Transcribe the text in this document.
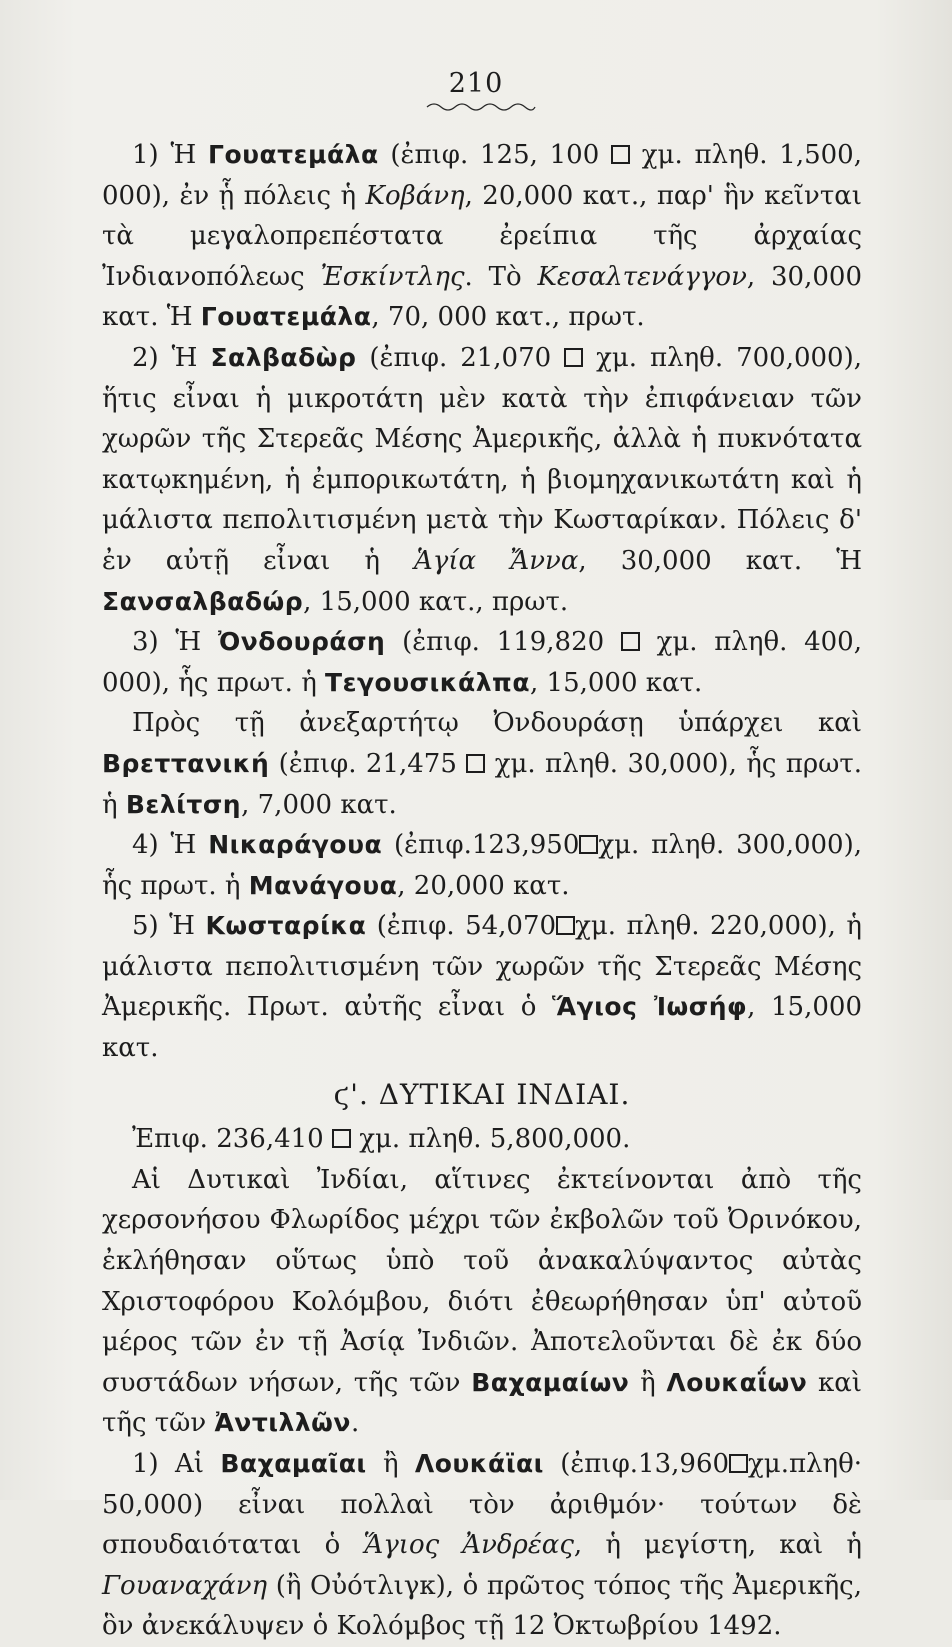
210

1) Ἡ Γουατεμάλα (ἐπιφ. 125, 100  χμ. πληθ. 1,500, 000), ἐν ᾗ πόλεις ἡ Κοβάνη, 20,000 κατ., παρ' ἣν κεῖνται τὰ μεγαλοπρεπέστατα ἐρείπια τῆς ἀρχαίας Ἰνδιανοπόλεως Ἐσκίντλης. Τὸ Κεσαλτενάγγον, 30,000 κατ. Ἡ Γουατεμάλα, 70, 000 κατ., πρωτ.

2) Ἡ Σαλβαδὼρ (ἐπιφ. 21,070  χμ. πληθ. 700,000), ἥτις εἶναι ἡ μικροτάτη μὲν κατὰ τὴν ἐπιφάνειαν τῶν χωρῶν τῆς Στερεᾶς Μέσης Ἀμερικῆς, ἀλλὰ ἡ πυκνότατα κατῳκημένη, ἡ ἐμπορικωτάτη, ἡ βιομηχανικωτάτη καὶ ἡ μάλιστα πεπολιτισμένη μετὰ τὴν Κωσταρίκαν. Πόλεις δ' ἐν αὐτῇ εἶναι ἡ Ἁγία Ἄννα, 30,000 κατ. Ἡ Σανσαλβαδώρ, 15,000 κατ., πρωτ.

3) Ἡ Ὀνδουράση (ἐπιφ. 119,820  χμ. πληθ. 400, 000), ἧς πρωτ. ἡ Τεγουσικάλπα, 15,000 κατ.

Πρὸς τῇ ἀνεξαρτήτῳ Ὀνδουράσῃ ὑπάρχει καὶ Βρεττανική (ἐπιφ. 21,475  χμ. πληθ. 30,000), ἧς πρωτ. ἡ Βελίτση, 7,000 κατ.

4) Ἡ Νικαράγουα (ἐπιφ.123,950 χμ. πληθ. 300,000), ἧς πρωτ. ἡ Μανάγουα, 20,000 κατ.

5) Ἡ Κωσταρίκα (ἐπιφ. 54,070 χμ. πληθ. 220,000), ἡ μάλιστα πεπολιτισμένη τῶν χωρῶν τῆς Στερεᾶς Μέσης Ἀμερικῆς. Πρωτ. αὐτῆς εἶναι ὁ Ἅγιος Ἰωσήφ, 15,000 κατ.

ϛ'. ΔΥΤΙΚΑΙ ΙΝΔΙΑΙ.

Ἐπιφ. 236,410  χμ. πληθ. 5,800,000.

Αἱ Δυτικαὶ Ἰνδίαι, αἵτινες ἐκτείνονται ἀπὸ τῆς χερσονήσου Φλωρίδος μέχρι τῶν ἐκβολῶν τοῦ Ὀρινόκου, ἐκλήθησαν οὕτως ὑπὸ τοῦ ἀνακαλύψαντος αὐτὰς Χριστοφόρου Κολόμβου, διότι ἐθεωρήθησαν ὑπ' αὐτοῦ μέρος τῶν ἐν τῇ Ἀσίᾳ Ἰνδιῶν. Ἀποτελοῦνται δὲ ἐκ δύο συστάδων νήσων, τῆς τῶν Βαχαμαίων ἢ Λουκαΐων καὶ τῆς τῶν Ἀντιλλῶν.

1) Αἱ Βαχαμαῖαι ἢ Λουκάϊαι (ἐπιφ.13,960 χμ.πληθ· 50,000) εἶναι πολλαὶ τὸν ἀριθμόν· τούτων δὲ σπουδαιόταται ὁ Ἅγιος Ἀνδρέας, ἡ μεγίστη, καὶ ἡ Γουαναχάνη (ἢ Οὐότλιγκ), ὁ πρῶτος τόπος τῆς Ἀμερικῆς, ὃν ἀνεκάλυψεν ὁ Κολόμβος τῇ 12 Ὀκτωβρίου 1492.
